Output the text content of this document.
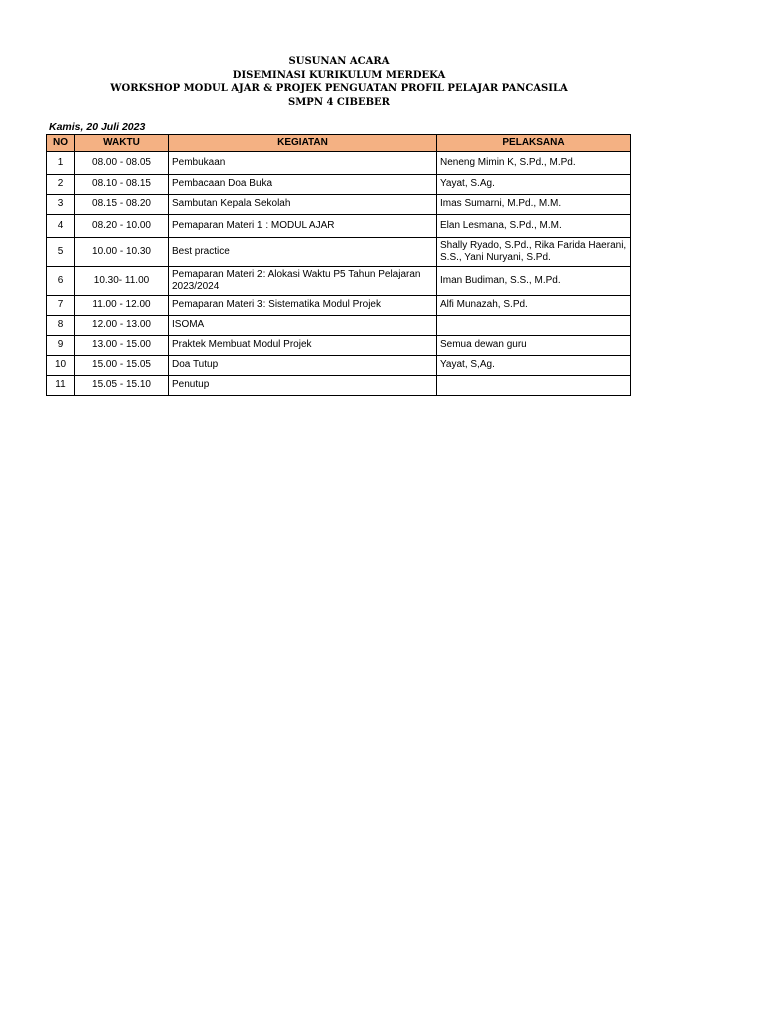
SUSUNAN ACARA
DISEMINASI KURIKULUM MERDEKA
WORKSHOP MODUL AJAR & PROJEK PENGUATAN PROFIL PELAJAR PANCASILA
SMPN 4 CIBEBER
Kamis, 20 Juli 2023
NO	WAKTU	KEGIATAN	PELAKSANA
1	08.00 - 08.05	Pembukaan	Neneng Mimin K, S.Pd., M.Pd.
2	08.10 - 08.15	Pembacaan Doa Buka	Yayat, S.Ag.
3	08.15 - 08.20	Sambutan Kepala Sekolah	Imas Sumarni, M.Pd., M.M.
4	08.20 - 10.00	Pemaparan Materi 1 : MODUL AJAR	Elan Lesmana, S.Pd., M.M.
5	10.00 - 10.30	Best practice	Shally Ryado, S.Pd., Rika Farida Haerani, S.S., Yani Nuryani, S.Pd.
6	10.30- 11.00	Pemaparan Materi 2: Alokasi Waktu P5 Tahun Pelajaran 2023/2024	Iman Budiman, S.S., M.Pd.
7	11.00 - 12.00	Pemaparan Materi 3: Sistematika Modul Projek	Alfi Munazah, S.Pd.
8	12.00 - 13.00	ISOMA	
9	13.00 - 15.00	Praktek Membuat Modul Projek	Semua dewan guru
10	15.00 - 15.05	Doa Tutup	Yayat, S,Ag.
11	15.05 - 15.10	Penutup	
